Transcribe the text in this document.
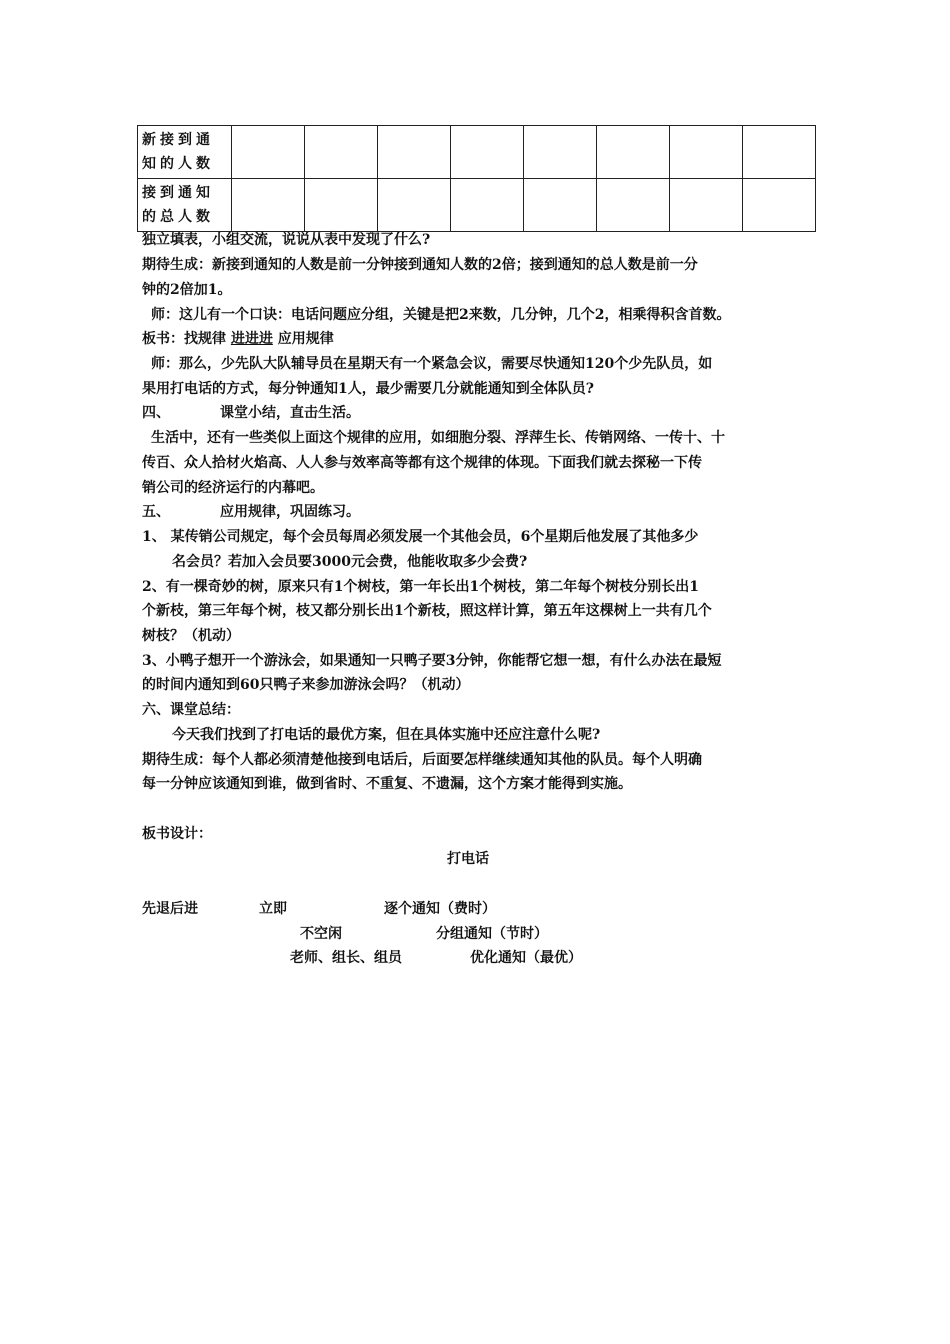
新接到通知的人数								
接到通知的总人数								
独立填表，小组交流，说说从表中发现了什么?
期待生成：新接到通知的人数是前一分钟接到通知人数的2倍；接到通知的总人数是前一分
钟的2倍加1。
师：这儿有一个口诀：电话问题应分组，关键是把2来数，几分钟，几个2，相乘得积含首数。
板书：找规律 进进进 应用规律
师：那么，少先队大队辅导员在星期天有一个紧急会议，需要尽快通知120个少先队员，如
果用打电话的方式，每分钟通知1人，最少需要几分就能通知到全体队员?
四、	课堂小结，直击生活。
生活中，还有一些类似上面这个规律的应用，如细胞分裂、浮萍生长、传销网络、一传十、十
传百、众人拾材火焰高、人人参与效率高等都有这个规律的体现。下面我们就去探秘一下传
销公司的经济运行的内幕吧。
五、	应用规律，巩固练习。
1、 某传销公司规定，每个会员每周必须发展一个其他会员，6个星期后他发展了其他多少
名会员？若加入会员要3000元会费，他能收取多少会费?
2、有一棵奇妙的树，原来只有1个树枝，第一年长出1个树枝，第二年每个树枝分别长出1
个新枝，第三年每个树，枝又都分别长出1个新枝，照这样计算，第五年这棵树上一共有几个
树枝？（机动）
3、小鸭子想开一个游泳会，如果通知一只鸭子要3分钟，你能帮它想一想，有什么办法在最短
的时间内通知到60只鸭子来参加游泳会吗？（机动）
六、课堂总结：
今天我们找到了打电话的最优方案，但在具体实施中还应注意什么呢?
期待生成：每个人都必须清楚他接到电话后，后面要怎样继续通知其他的队员。每个人明确
每一分钟应该通知到谁，做到省时、不重复、不遗漏，这个方案才能得到实施。
板书设计：
打电话
先退后进	立即	逐个通知（费时）
不空闲	分组通知（节时）
老师、组长、组员	优化通知（最优）
